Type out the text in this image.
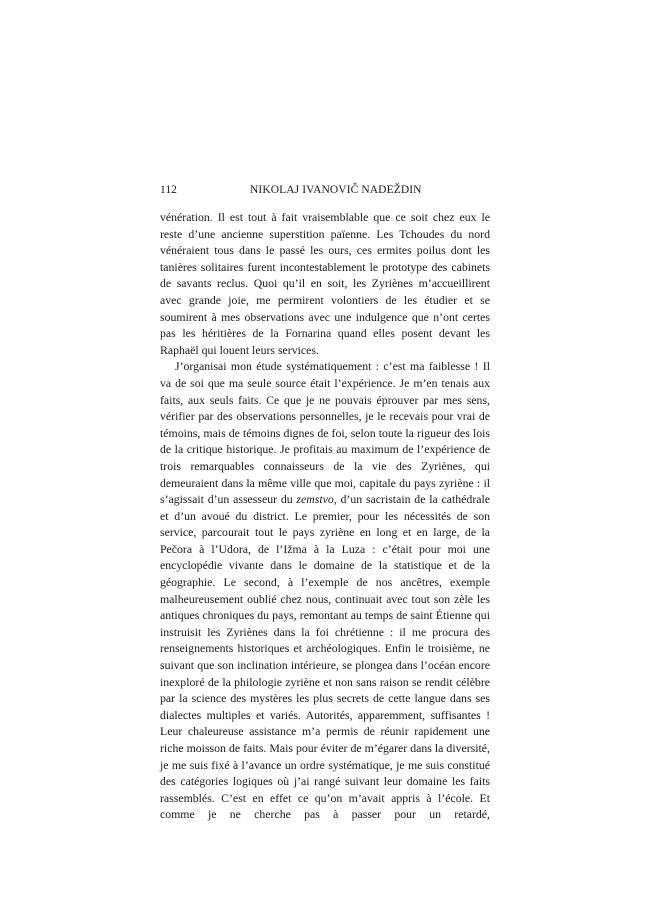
112	NIKOLAJ IVANOVIČ NADEŽDIN

vénération. Il est tout à fait vraisemblable que ce soit chez eux le reste d’une ancienne superstition païenne. Les Tchoudes du nord vénéraient tous dans le passé les ours, ces ermites poilus dont les tanières solitaires furent incontestablement le prototype des cabinets de savants reclus. Quoi qu’il en soit, les Zyriènes m’accueillirent avec grande joie, me permirent volontiers de les étudier et se soumirent à mes observations avec une indulgence que n’ont certes pas les héritières de la Fornarina quand elles posent devant les Raphaël qui louent leurs services.

J’organisai mon étude systématiquement : c’est ma faiblesse ! Il va de soi que ma seule source était l’expérience. Je m’en tenais aux faits, aux seuls faits. Ce que je ne pouvais éprouver par mes sens, vérifier par des observations personnelles, je le recevais pour vrai de témoins, mais de témoins dignes de foi, selon toute la rigueur des lois de la critique historique. Je profitais au maximum de l’expérience de trois remarquables connaisseurs de la vie des Zyriènes, qui demeuraient dans la même ville que moi, capitale du pays zyriène : il s’agissait d’un assesseur du zemstvo, d’un sacristain de la cathédrale et d’un avoué du district. Le premier, pour les nécessités de son service, parcourait tout le pays zyriène en long et en large, de la Pečora à l’Udora, de l’Ižma à la Luza : c’était pour moi une encyclopédie vivante dans le domaine de la statistique et de la géographie. Le second, à l’exemple de nos ancêtres, exemple malheureusement oublié chez nous, continuait avec tout son zèle les antiques chroniques du pays, remontant au temps de saint Étienne qui instruisit les Zyriènes dans la foi chrétienne : il me procura des renseignements historiques et archéologiques. Enfin le troisième, ne suivant que son inclination intérieure, se plongea dans l’océan encore inexploré de la philologie zyriène et non sans raison se rendit célèbre par la science des mystères les plus secrets de cette langue dans ses dialectes multiples et variés. Autorités, apparemment, suffisantes ! Leur chaleureuse assistance m’a permis de réunir rapidement une riche moisson de faits. Mais pour éviter de m’égarer dans la diversité, je me suis fixé à l’avance un ordre systématique, je me suis constitué des catégories logiques où j’ai rangé suivant leur domaine les faits rassemblés. C’est en effet ce qu’on m’avait appris à l’école. Et comme je ne cherche pas à passer pour un retardé,
